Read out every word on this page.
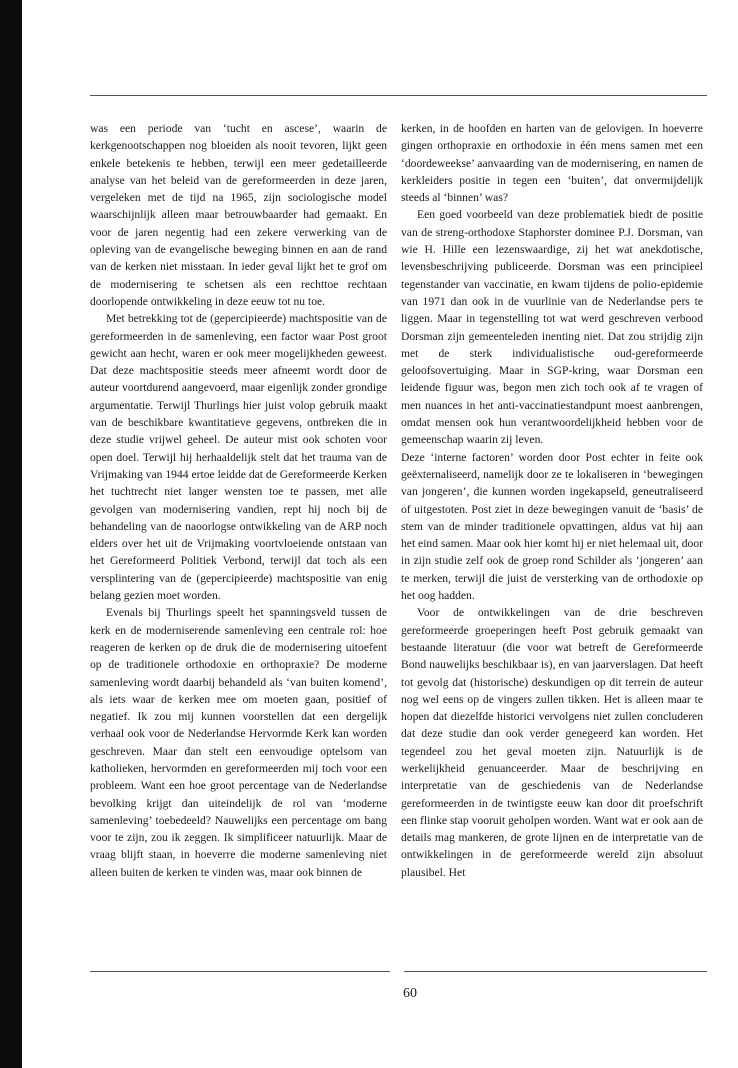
was een periode van ‘tucht en ascese’, waarin de kerkgenootschappen nog bloeiden als nooit tevoren, lijkt geen enkele betekenis te hebben, terwijl een meer gedetailleerde analyse van het beleid van de gereformeerden in deze jaren, vergeleken met de tijd na 1965, zijn sociologische model waarschijnlijk alleen maar betrouwbaarder had gemaakt. En voor de jaren negentig had een zekere verwerking van de opleving van de evangelische beweging binnen en aan de rand van de kerken niet misstaan. In ieder geval lijkt het te grof om de modernisering te schetsen als een rechttoe rechtaan doorlopende ontwikkeling in deze eeuw tot nu toe.

Met betrekking tot de (gepercipieerde) machtspositie van de gereformeerden in de samenleving, een factor waar Post groot gewicht aan hecht, waren er ook meer mogelijkheden geweest. Dat deze machtspositie steeds meer afneemt wordt door de auteur voortdurend aangevoerd, maar eigenlijk zonder grondige argumentatie. Terwijl Thurlings hier juist volop gebruik maakt van de beschikbare kwantitatieve gegevens, ontbreken die in deze studie vrijwel geheel. De auteur mist ook schoten voor open doel. Terwijl hij herhaaldelijk stelt dat het trauma van de Vrijmaking van 1944 ertoe leidde dat de Gereformeerde Kerken het tuchtrecht niet langer wensten toe te passen, met alle gevolgen van modernisering vandien, rept hij noch bij de behandeling van de naoorlogse ontwikkeling van de ARP noch elders over het uit de Vrijmaking voortvloeiende ontstaan van het Gereformeerd Politiek Verbond, terwijl dat toch als een versplintering van de (gepercipieerde) machtspositie van enig belang gezien moet worden.

Evenals bij Thurlings speelt het spanningsveld tussen de kerk en de moderniserende samenleving een centrale rol: hoe reageren de kerken op de druk die de modernisering uitoefent op de traditionele orthodoxie en orthopraxie? De moderne samenleving wordt daarbij behandeld als ‘van buiten komend’, als iets waar de kerken mee om moeten gaan, positief of negatief. Ik zou mij kunnen voorstellen dat een dergelijk verhaal ook voor de Nederlandse Hervormde Kerk kan worden geschreven. Maar dan stelt een eenvoudige optelsom van katholieken, hervormden en gereformeerden mij toch voor een probleem. Want een hoe groot percentage van de Nederlandse bevolking krijgt dan uiteindelijk de rol van ‘moderne samenleving’ toebedeeld? Nauwelijks een percentage om bang voor te zijn, zou ik zeggen. Ik simplificeer natuurlijk. Maar de vraag blijft staan, in hoeverre die moderne samenleving niet alleen buiten de kerken te vinden was, maar ook binnen de

kerken, in de hoofden en harten van de gelovigen. In hoeverre gingen orthopraxie en orthodoxie in één mens samen met een ‘doordeweekse’ aanvaarding van de modernisering, en namen de kerkleiders positie in tegen een ‘buiten’, dat onvermijdelijk steeds al ‘binnen’ was?

Een goed voorbeeld van deze problematiek biedt de positie van de streng-orthodoxe Staphorster dominee P.J. Dorsman, van wie H. Hille een lezenswaardige, zij het wat anekdotische, levensbeschrijving publiceerde. Dorsman was een principieel tegenstander van vaccinatie, en kwam tijdens de polio-epidemie van 1971 dan ook in de vuurlinie van de Nederlandse pers te liggen. Maar in tegenstelling tot wat werd geschreven verbood Dorsman zijn gemeenteleden inenting niet. Dat zou strijdig zijn met de sterk individualistische oud-gereformeerde geloofsovertuiging. Maar in SGP-kring, waar Dorsman een leidende figuur was, begon men zich toch ook af te vragen of men nuances in het anti-vaccinatiestandpunt moest aanbrengen, omdat mensen ook hun verantwoordelijkheid hebben voor de gemeenschap waarin zij leven.

Deze ‘interne factoren’ worden door Post echter in feite ook geëxternaliseerd, namelijk door ze te lokaliseren in ‘bewegingen van jongeren’, die kunnen worden ingekapseld, geneutraliseerd of uitgestoten. Post ziet in deze bewegingen vanuit de ‘basis’ de stem van de minder traditionele opvattingen, aldus vat hij aan het eind samen. Maar ook hier komt hij er niet helemaal uit, door in zijn studie zelf ook de groep rond Schilder als ‘jongeren’ aan te merken, terwijl die juist de versterking van de orthodoxie op het oog hadden.

Voor de ontwikkelingen van de drie beschreven gereformeerde groeperingen heeft Post gebruik gemaakt van bestaande literatuur (die voor wat betreft de Gereformeerde Bond nauwelijks beschikbaar is), en van jaarverslagen. Dat heeft tot gevolg dat (historische) deskundigen op dit terrein de auteur nog wel eens op de vingers zullen tikken. Het is alleen maar te hopen dat diezelfde historici vervolgens niet zullen concluderen dat deze studie dan ook verder genegeerd kan worden. Het tegendeel zou het geval moeten zijn. Natuurlijk is de werkelijkheid genuanceerder. Maar de beschrijving en interpretatie van de geschiedenis van de Nederlandse gereformeerden in de twintigste eeuw kan door dit proefschrift een flinke stap vooruit geholpen worden. Want wat er ook aan de details mag mankeren, de grote lijnen en de interpretatie van de ontwikkelingen in de gereformeerde wereld zijn absoluut plausibel. Het

60
